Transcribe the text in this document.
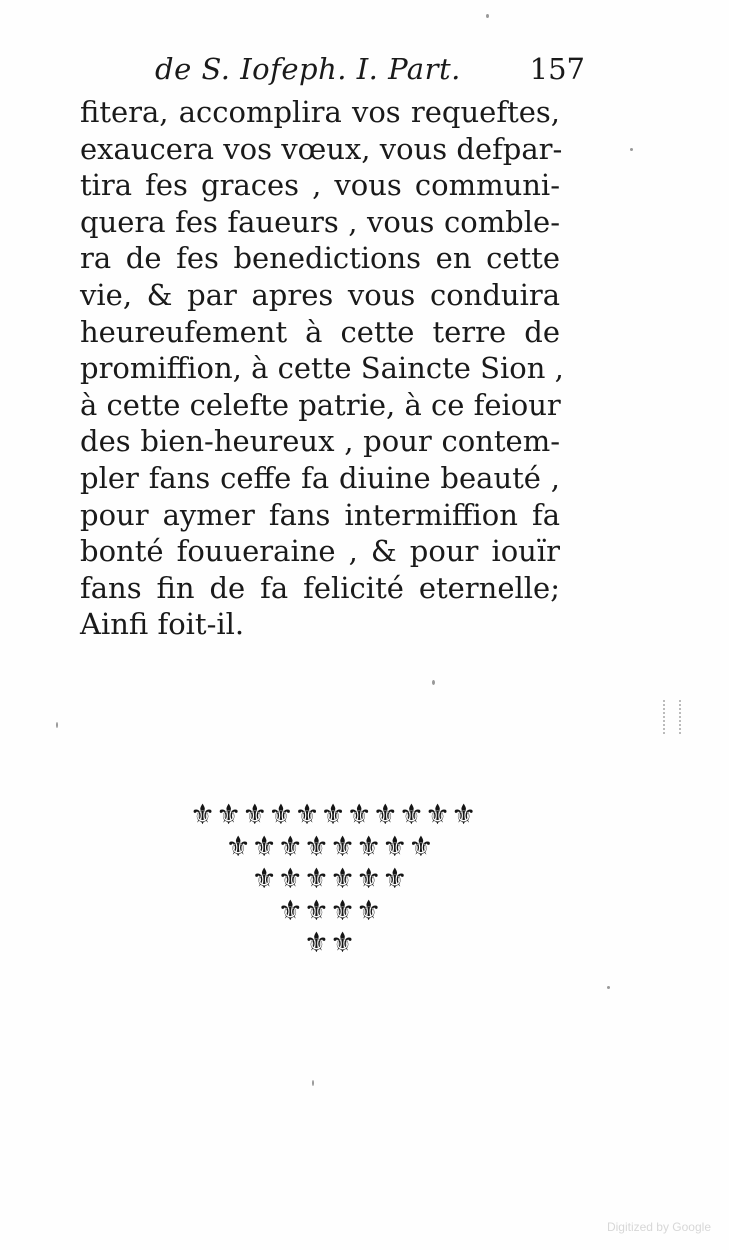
de S. Iofeph. I. Part. 157
fitera, accomplira vos requeftes,
exaucera vos vœux, vous defpar-
tira fes graces , vous communi-
quera fes faueurs , vous comble-
ra de fes benedictions en cette
vie, & par apres vous conduira
heureufement à cette terre de
promiffion, à cette Saincte Sion ,
à cette celefte patrie, à ce feiour
des bien-heureux , pour contem-
pler fans ceffe fa diuine beauté ,
pour aymer fans intermiffion fa
bonté fouueraine , & pour iouïr
fans fin de fa felicité eternelle;
Ainfi foit-il.
⚜⚜⚜⚜⚜⚜⚜⚜⚜⚜⚜
⚜⚜⚜⚜⚜⚜⚜⚜
⚜⚜⚜⚜⚜⚜
⚜⚜⚜⚜
⚜⚜
Digitized by Google
